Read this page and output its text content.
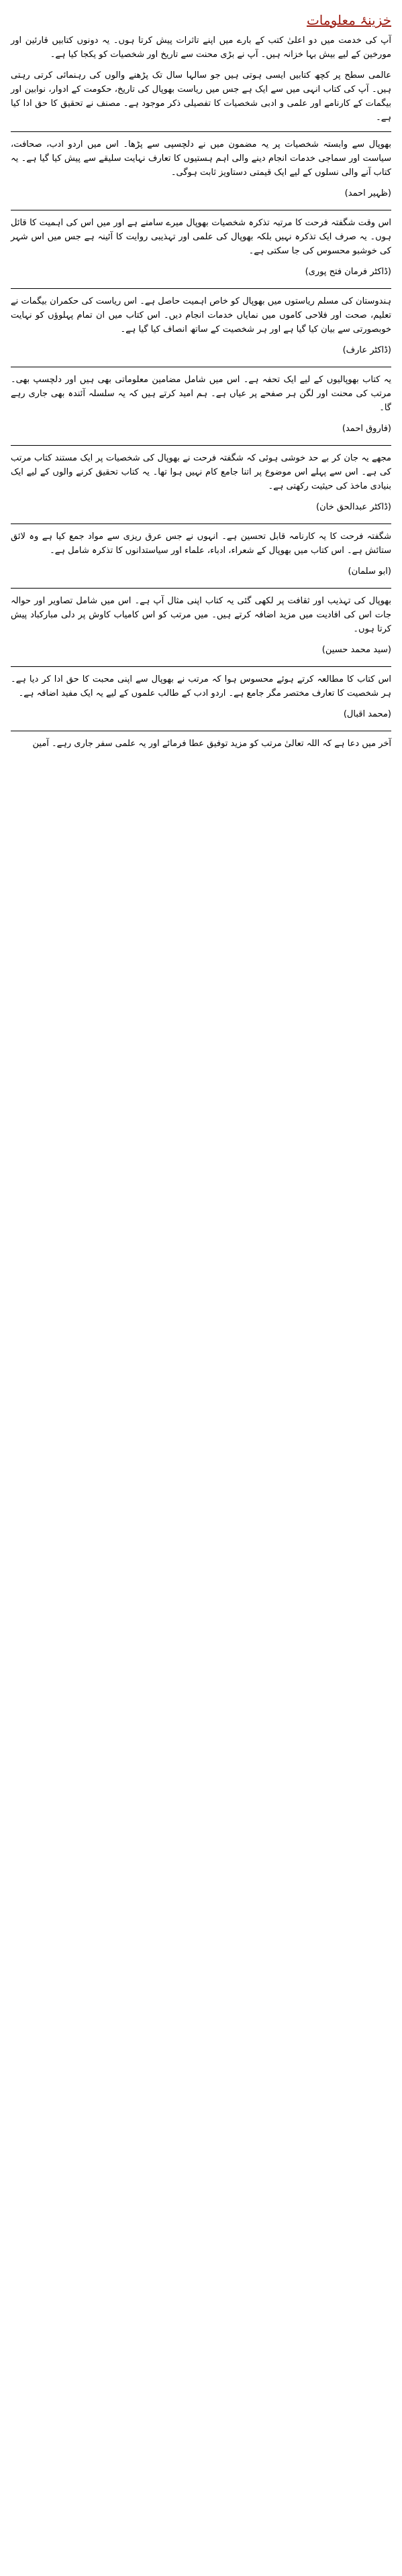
خزینۂ معلومات

آپ کی خدمت میں دو اعلیٰ کتب کے بارے میں اپنے تاثرات پیش کرتا ہوں۔ یہ دونوں کتابیں قارئین اور مورخین کے لیے بیش بہا خزانہ ہیں۔ آپ نے بڑی محنت سے تاریخ اور شخصیات کو یکجا کیا ہے۔

عالمی سطح پر کچھ کتابیں ایسی ہوتی ہیں جو سالہا سال تک پڑھنے والوں کی رہنمائی کرتی رہتی ہیں۔ آپ کی کتاب انہی میں سے ایک ہے جس میں ریاست بھوپال کی تاریخ، حکومت کے ادوار، نوابین اور بیگمات کے کارنامے اور علمی و ادبی شخصیات کا تفصیلی ذکر موجود ہے۔ مصنف نے تحقیق کا حق ادا کیا ہے۔

بھوپال سے وابستہ شخصیات پر یہ مضمون میں نے دلچسپی سے پڑھا۔ اس میں اردو ادب، صحافت، سیاست اور سماجی خدمات انجام دینے والی اہم ہستیوں کا تعارف نہایت سلیقے سے پیش کیا گیا ہے۔ یہ کتاب آنے والی نسلوں کے لیے ایک قیمتی دستاویز ثابت ہوگی۔

(ظہیر احمد)

اس وقت شگفتہ فرحت کا مرتبہ تذکرہ شخصیات بھوپال میرے سامنے ہے اور میں اس کی اہمیت کا قائل ہوں۔ یہ صرف ایک تذکرہ نہیں بلکہ بھوپال کی علمی اور تہذیبی روایت کا آئینہ ہے جس میں اس شہر کی خوشبو محسوس کی جا سکتی ہے۔

(ڈاکٹر فرمان فتح پوری)

ہندوستان کی مسلم ریاستوں میں بھوپال کو خاص اہمیت حاصل ہے۔ اس ریاست کی حکمران بیگمات نے تعلیم، صحت اور فلاحی کاموں میں نمایاں خدمات انجام دیں۔ اس کتاب میں ان تمام پہلوؤں کو نہایت خوبصورتی سے بیان کیا گیا ہے اور ہر شخصیت کے ساتھ انصاف کیا گیا ہے۔

(ڈاکٹر عارف)

یہ کتاب بھوپالیوں کے لیے ایک تحفہ ہے۔ اس میں شامل مضامین معلوماتی بھی ہیں اور دلچسپ بھی۔ مرتب کی محنت اور لگن ہر صفحے پر عیاں ہے۔ ہم امید کرتے ہیں کہ یہ سلسلہ آئندہ بھی جاری رہے گا۔

(فاروق احمد)

مجھے یہ جان کر بے حد خوشی ہوئی کہ شگفتہ فرحت نے بھوپال کی شخصیات پر ایک مستند کتاب مرتب کی ہے۔ اس سے پہلے اس موضوع پر اتنا جامع کام نہیں ہوا تھا۔ یہ کتاب تحقیق کرنے والوں کے لیے ایک بنیادی ماخذ کی حیثیت رکھتی ہے۔

(ڈاکٹر عبدالحق خان)

شگفتہ فرحت کا یہ کارنامہ قابل تحسین ہے۔ انہوں نے جس عرق ریزی سے مواد جمع کیا ہے وہ لائق ستائش ہے۔ اس کتاب میں بھوپال کے شعراء، ادباء، علماء اور سیاستدانوں کا تذکرہ شامل ہے۔

(ابو سلمان)

بھوپال کی تہذیب اور ثقافت پر لکھی گئی یہ کتاب اپنی مثال آپ ہے۔ اس میں شامل تصاویر اور حوالہ جات اس کی افادیت میں مزید اضافہ کرتے ہیں۔ میں مرتب کو اس کامیاب کاوش پر دلی مبارکباد پیش کرتا ہوں۔

(سید محمد حسین)

اس کتاب کا مطالعہ کرتے ہوئے محسوس ہوا کہ مرتب نے بھوپال سے اپنی محبت کا حق ادا کر دیا ہے۔ ہر شخصیت کا تعارف مختصر مگر جامع ہے۔ اردو ادب کے طالب علموں کے لیے یہ ایک مفید اضافہ ہے۔

(محمد اقبال)

آخر میں دعا ہے کہ اللہ تعالیٰ مرتب کو مزید توفیق عطا فرمائے اور یہ علمی سفر جاری رہے۔ آمین
